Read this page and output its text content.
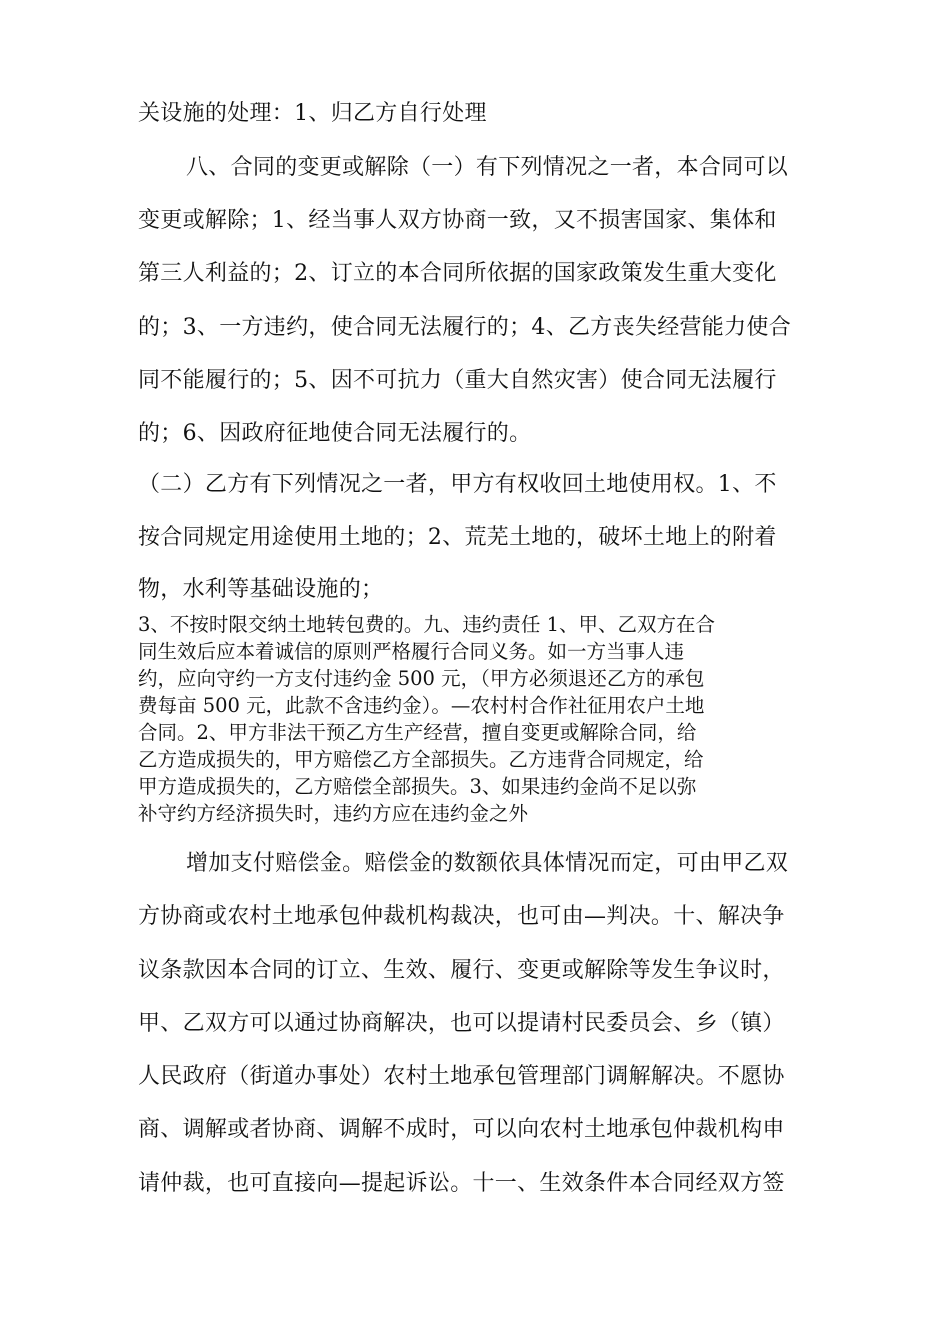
关设施的处理：1、归乙方自行处理
八、合同的变更或解除（一）有下列情况之一者，本合同可以
变更或解除；1、经当事人双方协商一致，又不损害国家、集体和
第三人利益的；2、订立的本合同所依据的国家政策发生重大变化
的；3、一方违约，使合同无法履行的；4、乙方丧失经营能力使合
同不能履行的；5、因不可抗力（重大自然灾害）使合同无法履行
的；6、因政府征地使合同无法履行的。
（二）乙方有下列情况之一者，甲方有权收回土地使用权。1、不
按合同规定用途使用土地的；2、荒芜土地的，破坏土地上的附着
物，水利等基础设施的；
3、不按时限交纳土地转包费的。九、违约责任 1、甲、乙双方在合
同生效后应本着诚信的原则严格履行合同义务。如一方当事人违
约，应向守约一方支付违约金 500 元，（甲方必须退还乙方的承包
费每亩 500 元，此款不含违约金）。—农村村合作社征用农户土地
合同。2、甲方非法干预乙方生产经营，擅自变更或解除合同，给
乙方造成损失的，甲方赔偿乙方全部损失。乙方违背合同规定，给
甲方造成损失的，乙方赔偿全部损失。3、如果违约金尚不足以弥
补守约方经济损失时，违约方应在违约金之外
增加支付赔偿金。赔偿金的数额依具体情况而定，可由甲乙双
方协商或农村土地承包仲裁机构裁决，也可由—判决。十、解决争
议条款因本合同的订立、生效、履行、变更或解除等发生争议时，
甲、乙双方可以通过协商解决，也可以提请村民委员会、乡（镇）
人民政府（街道办事处）农村土地承包管理部门调解解决。不愿协
商、调解或者协商、调解不成时，可以向农村土地承包仲裁机构申
请仲裁，也可直接向—提起诉讼。十一、生效条件本合同经双方签
